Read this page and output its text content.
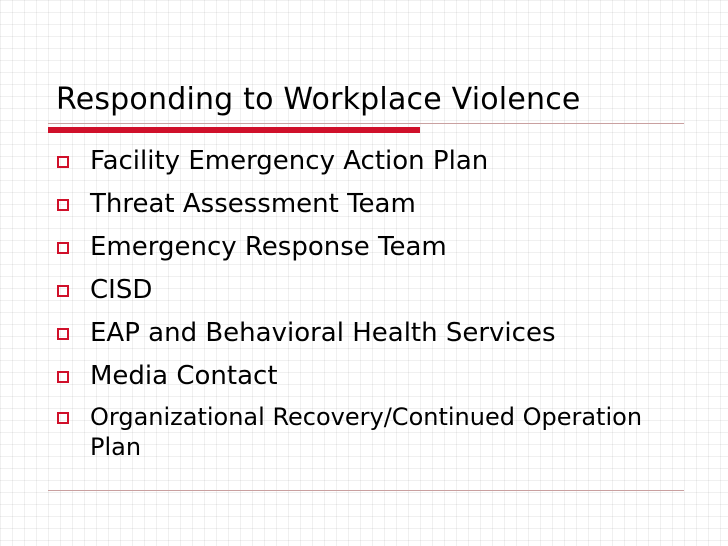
Responding to Workplace Violence
Facility Emergency Action Plan
Threat Assessment Team
Emergency Response Team
CISD
EAP and Behavioral Health Services
Media Contact
Organizational Recovery/Continued Operation Plan
